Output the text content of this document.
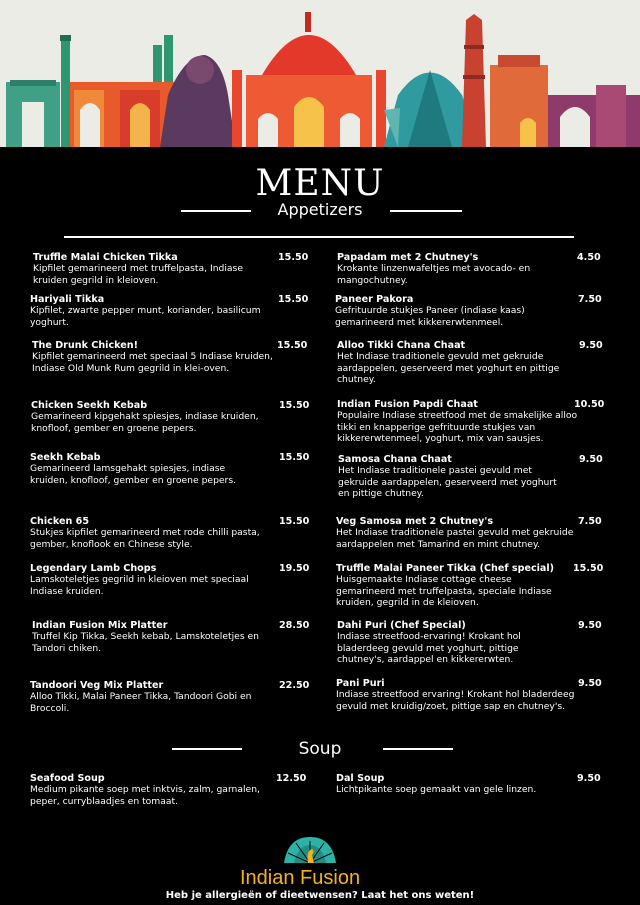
MENU
Appetizers
Truffle Malai Chicken Tikka	15.50
Kipfilet gemarineerd met truffelpasta, Indiase kruiden gegrild in kleioven.
Hariyali Tikka	15.50
Kipfilet, zwarte pepper munt, koriander, basilicum yoghurt.
The Drunk Chicken!	15.50
Kipfilet gemarineerd met speciaal 5 Indiase kruiden, Indiase Old Munk Rum gegrild in klei-oven.
Chicken Seekh Kebab	15.50
Gemarineerd kipgehakt spiesjes, indiase kruiden, knofloof, gember en groene pepers.
Seekh Kebab	15.50
Gemarineerd lamsgehakt spiesjes, indiase kruiden, knofloof, gember en groene pepers.
Chicken 65	15.50
Stukjes kipfilet gemarineerd met rode chilli pasta, gember, knoflook en Chinese style.
Legendary Lamb Chops	19.50
Lamskoteletjes gegrild in kleioven met speciaal Indiase kruiden.
Indian Fusion Mix Platter	28.50
Truffel Kip Tikka, Seekh kebab, Lamskoteletjes en Tandori chiken.
Tandoori Veg Mix Platter	22.50
Alloo Tikki, Malai Paneer Tikka, Tandoori Gobi en Broccoli.
Papadam met 2 Chutney's	4.50
Krokante linzenwafeltjes met avocado- en mangochutney.
Paneer Pakora	7.50
Gefrituurde stukjes Paneer (indiase kaas) gemarineerd met kikkererwtenmeel.
Alloo Tikki Chana Chaat	9.50
Het Indiase traditionele gevuld met gekruide aardappelen, geserveerd met yoghurt en pittige chutney.
Indian Fusion Papdi Chaat	10.50
Populaire Indiase streetfood met de smakelijke alloo tikki en knapperige gefrituurde stukjes van kikkererwtenmeel, yoghurt, mix van sausjes.
Samosa Chana Chaat	9.50
Het Indiase traditionele pastei gevuld met gekruide aardappelen, geserveerd met yoghurt en pittige chutney.
Veg Samosa met 2 Chutney's	7.50
Het Indiase traditionele pastei gevuld met gekruide aardappelen met Tamarind en mint chutney.
Truffle Malai Paneer Tikka (Chef special)	15.50
Huisgemaakte Indiase cottage cheese gemarineerd met truffelpasta, speciale Indiase kruiden, gegrild in de kleioven.
Dahi Puri (Chef Special)	9.50
Indiase streetfood-ervaring! Krokant hol bladerdeeg gevuld met yoghurt, pittige chutney's, aardappel en kikkererwten.
Pani Puri	9.50
Indiase streetfood ervaring! Krokant hol bladerdeeg gevuld met kruidig/zoet, pittige sap en chutney's.
Soup
Seafood Soup	12.50
Medium pikante soep met inktvis, zalm, garnalen, peper, curryblaadjes en tomaat.
Dal Soup	9.50
Lichtpikante soep gemaakt van gele linzen.
Indian Fusion
Heb je allergieën of dieetwensen? Laat het ons weten!
